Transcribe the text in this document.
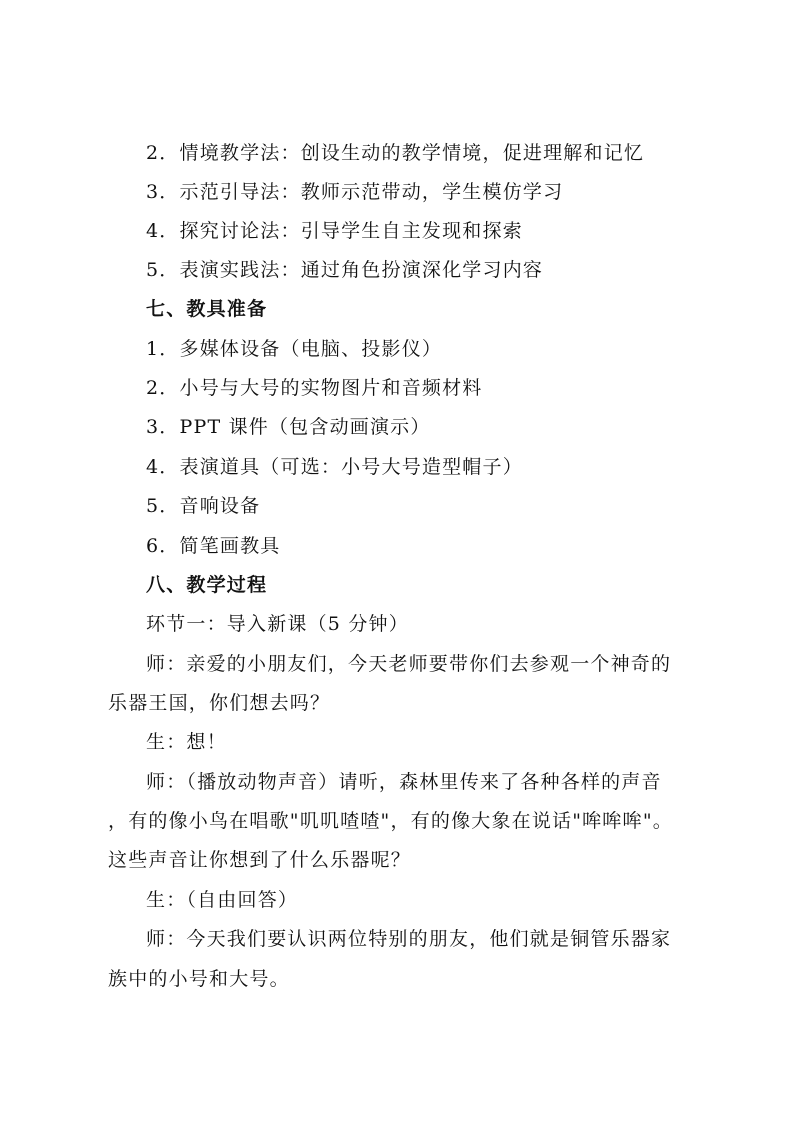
2．情境教学法：创设生动的教学情境，促进理解和记忆
3．示范引导法：教师示范带动，学生模仿学习
4．探究讨论法：引导学生自主发现和探索
5．表演实践法：通过角色扮演深化学习内容
七、教具准备
1．多媒体设备（电脑、投影仪）
2．小号与大号的实物图片和音频材料
3．PPT 课件（包含动画演示）
4．表演道具（可选：小号大号造型帽子）
5．音响设备
6．简笔画教具
八、教学过程
环节一：导入新课（5 分钟）
师：亲爱的小朋友们，今天老师要带你们去参观一个神奇的
乐器王国，你们想去吗？
生：想！
师：（播放动物声音）请听，森林里传来了各种各样的声音
，有的像小鸟在唱歌"叽叽喳喳"，有的像大象在说话"哞哞哞"。
这些声音让你想到了什么乐器呢？
生：（自由回答）
师：今天我们要认识两位特别的朋友，他们就是铜管乐器家
族中的小号和大号。
